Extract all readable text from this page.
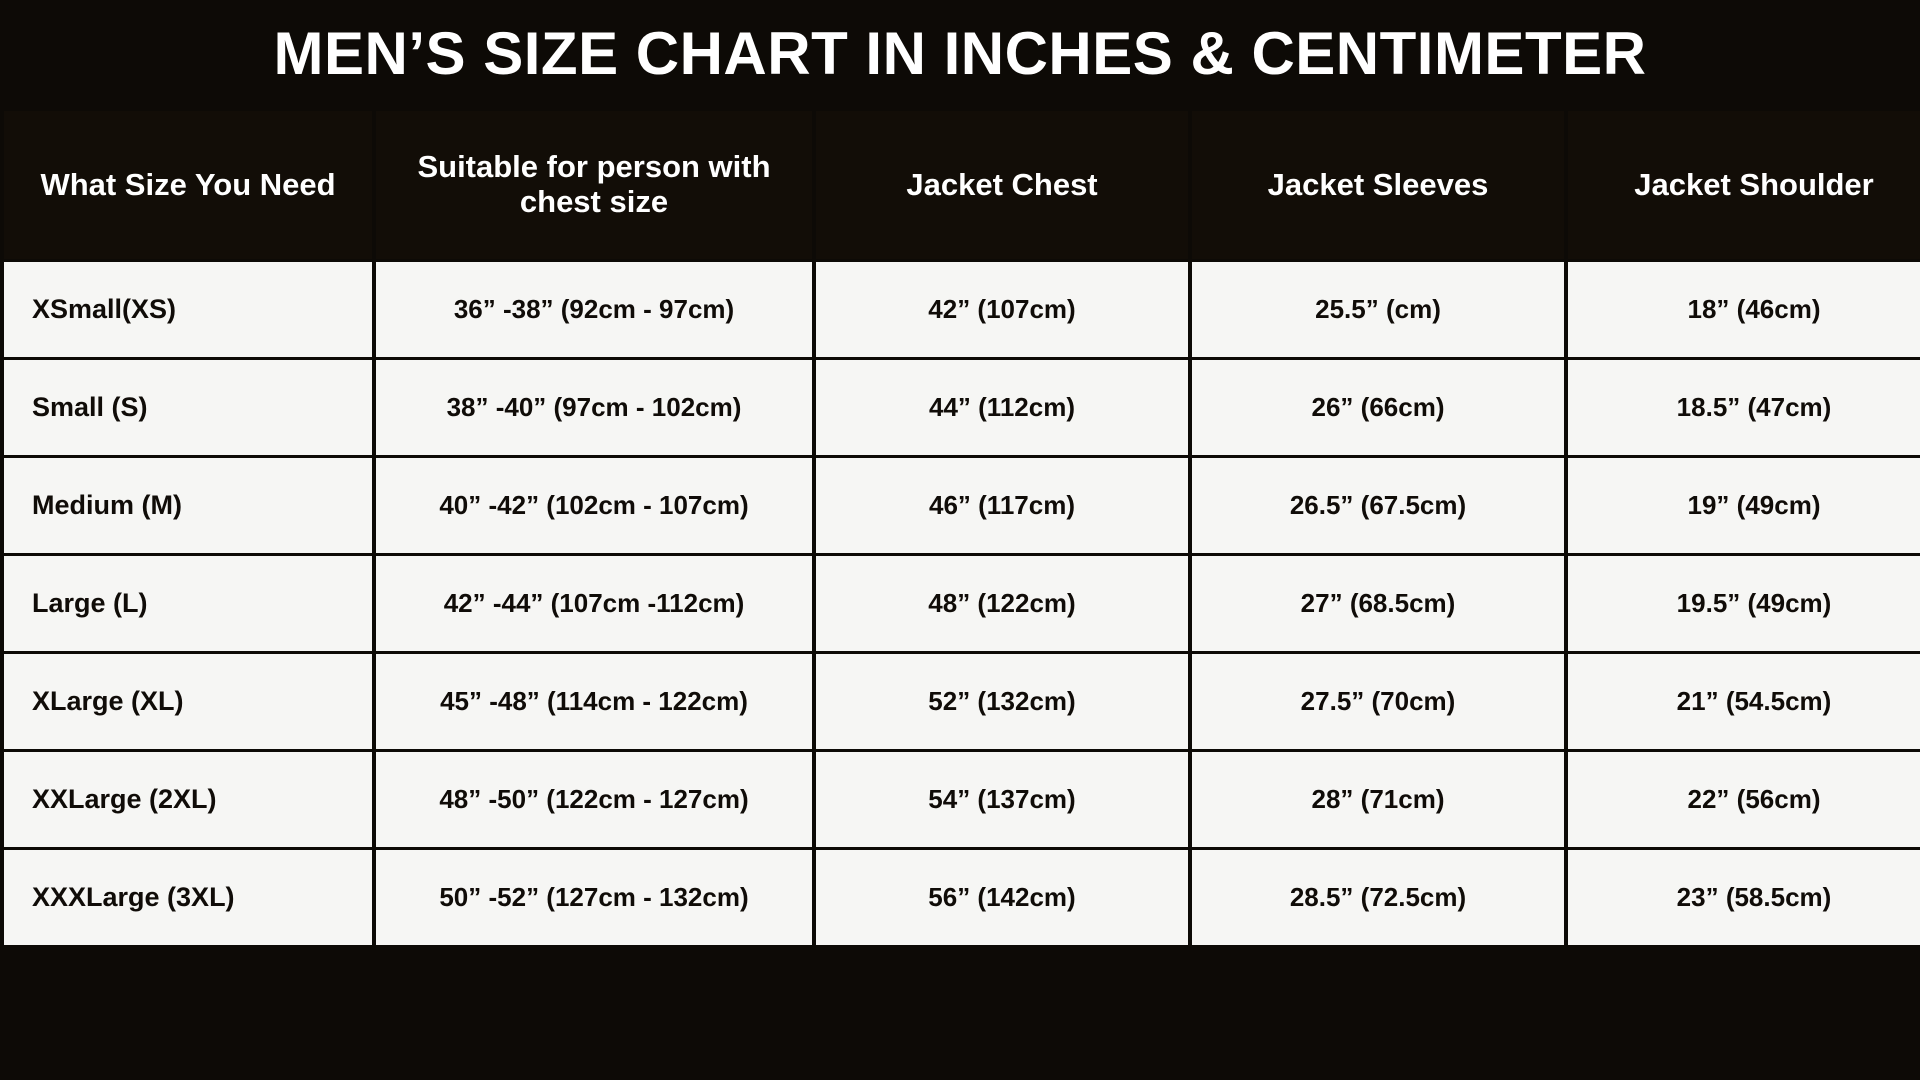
MEN’S SIZE CHART IN INCHES & CENTIMETER
What Size You Need	Suitable for person with chest size	Jacket Chest	Jacket Sleeves	Jacket Shoulder
XSmall(XS)	36” -38” (92cm - 97cm)	42” (107cm)	25.5” (cm)	18” (46cm)
Small (S)	38” -40” (97cm - 102cm)	44” (112cm)	26” (66cm)	18.5” (47cm)
Medium (M)	40” -42” (102cm - 107cm)	46” (117cm)	26.5” (67.5cm)	19” (49cm)
Large (L)	42” -44” (107cm -112cm)	48” (122cm)	27” (68.5cm)	19.5” (49cm)
XLarge (XL)	45” -48” (114cm - 122cm)	52” (132cm)	27.5” (70cm)	21” (54.5cm)
XXLarge (2XL)	48” -50” (122cm - 127cm)	54” (137cm)	28” (71cm)	22” (56cm)
XXXLarge (3XL)	50” -52” (127cm - 132cm)	56” (142cm)	28.5” (72.5cm)	23” (58.5cm)
